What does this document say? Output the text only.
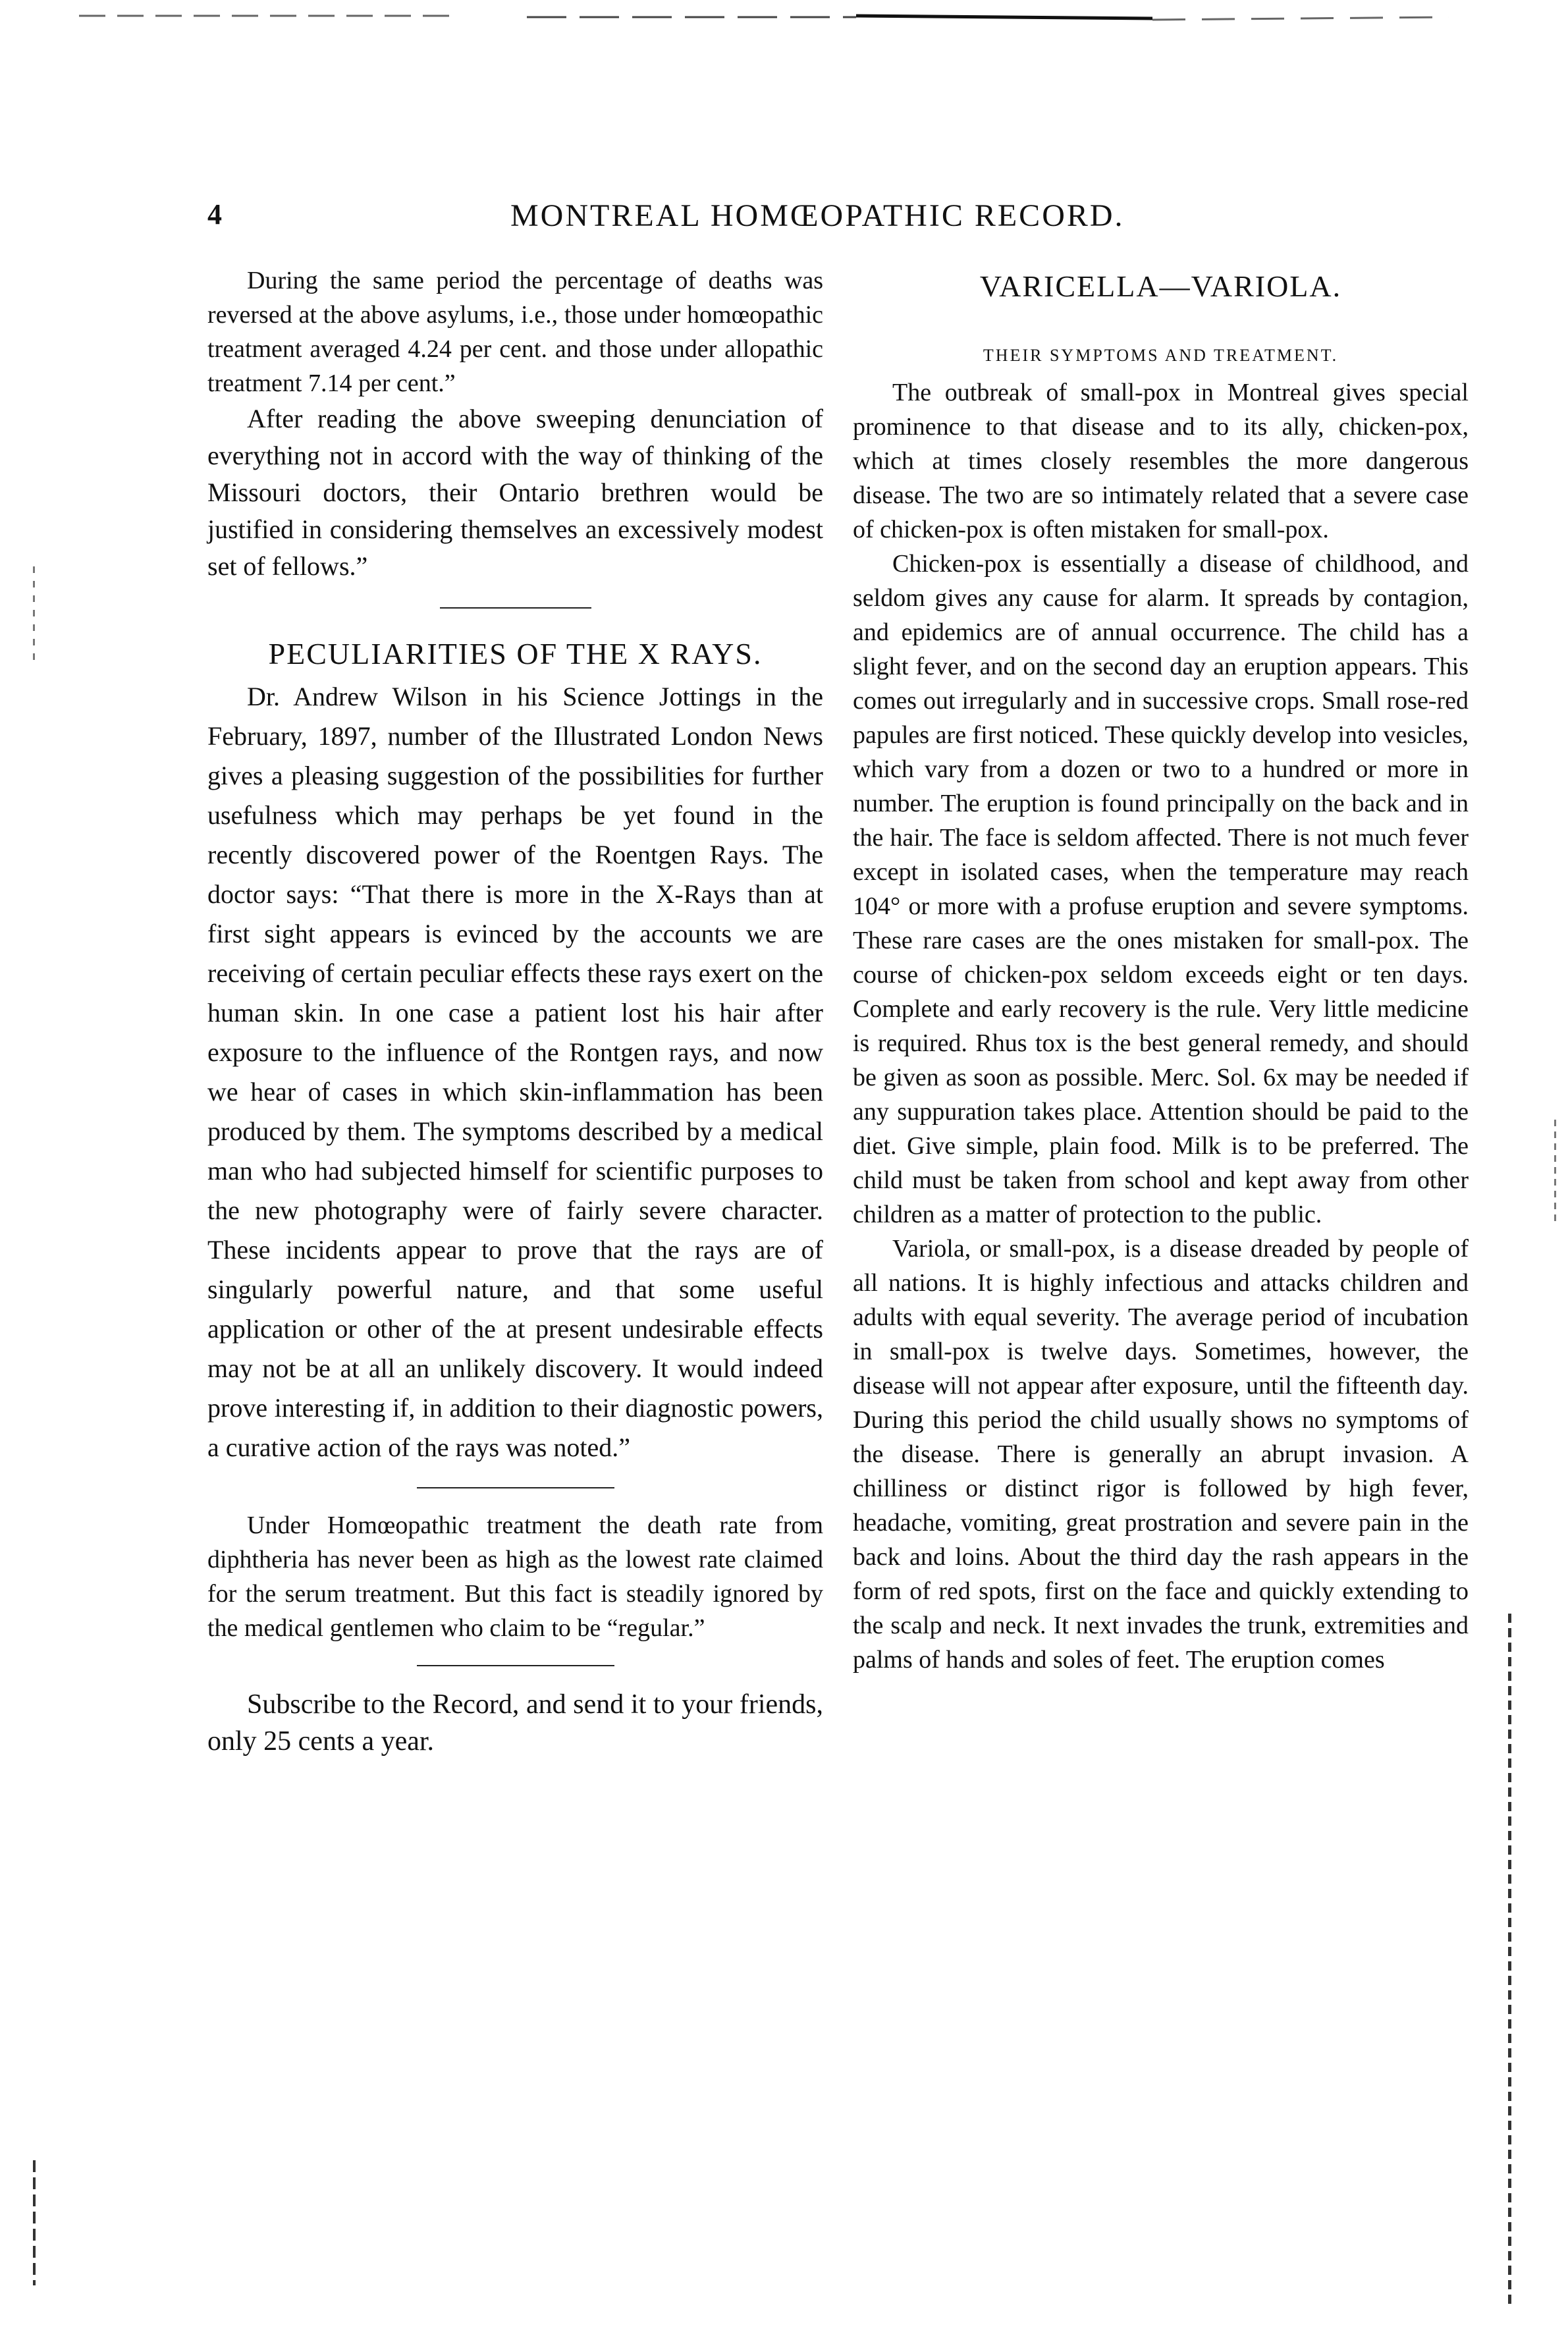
4	MONTREAL HOMŒOPATHIC RECORD.

During the same period the percentage of deaths was reversed at the above asylums, i.e., those under homœopathic treatment averaged 4.24 per cent. and those under allopathic treatment 7.14 per cent.”

After reading the above sweeping denunciation of everything not in accord with the way of thinking of the Missouri doctors, their Ontario brethren would be justified in considering themselves an excessively modest set of fellows.”

PECULIARITIES OF THE X RAYS.

Dr. Andrew Wilson in his Science Jottings in the February, 1897, number of the Illustrated London News gives a pleasing suggestion of the possibilities for further usefulness which may perhaps be yet found in the recently discovered power of the Roentgen Rays. The doctor says: “That there is more in the X-Rays than at first sight appears is evinced by the accounts we are receiving of certain peculiar effects these rays exert on the human skin. In one case a patient lost his hair after exposure to the influence of the Rontgen rays, and now we hear of cases in which skin-inflammation has been produced by them. The symptoms described by a medical man who had subjected himself for scientific purposes to the new photography were of fairly severe character. These incidents appear to prove that the rays are of singularly powerful nature, and that some useful application or other of the at present undesirable effects may not be at all an unlikely discovery. It would indeed prove interesting if, in addition to their diagnostic powers, a curative action of the rays was noted.”

Under Homœopathic treatment the death rate from diphtheria has never been as high as the lowest rate claimed for the serum treatment. But this fact is steadily ignored by the medical gentlemen who claim to be “regular.”

Subscribe to the Record, and send it to your friends, only 25 cents a year.

VARICELLA—VARIOLA.
THEIR SYMPTOMS AND TREATMENT.

The outbreak of small-pox in Montreal gives special prominence to that disease and to its ally, chicken-pox, which at times closely resembles the more dangerous disease. The two are so intimately related that a severe case of chicken-pox is often mistaken for small-pox.

Chicken-pox is essentially a disease of childhood, and seldom gives any cause for alarm. It spreads by contagion, and epidemics are of annual occurrence. The child has a slight fever, and on the second day an eruption appears. This comes out irregularly and in successive crops. Small rose-red papules are first noticed. These quickly develop into vesicles, which vary from a dozen or two to a hundred or more in number. The eruption is found principally on the back and in the hair. The face is seldom affected. There is not much fever except in isolated cases, when the temperature may reach 104° or more with a profuse eruption and severe symptoms. These rare cases are the ones mistaken for small-pox. The course of chicken-pox seldom exceeds eight or ten days. Complete and early recovery is the rule. Very little medicine is required. Rhus tox is the best general remedy, and should be given as soon as possible. Merc. Sol. 6x may be needed if any suppuration takes place. Attention should be paid to the diet. Give simple, plain food. Milk is to be preferred. The child must be taken from school and kept away from other children as a matter of protection to the public.

Variola, or small-pox, is a disease dreaded by people of all nations. It is highly infectious and attacks children and adults with equal severity. The average period of incubation in small-pox is twelve days. Sometimes, however, the disease will not appear after exposure, until the fifteenth day. During this period the child usually shows no symptoms of the disease. There is generally an abrupt invasion. A chilliness or distinct rigor is followed by high fever, headache, vomiting, great prostration and severe pain in the back and loins. About the third day the rash appears in the form of red spots, first on the face and quickly extending to the scalp and neck. It next invades the trunk, extremities and palms of hands and soles of feet. The eruption comes
